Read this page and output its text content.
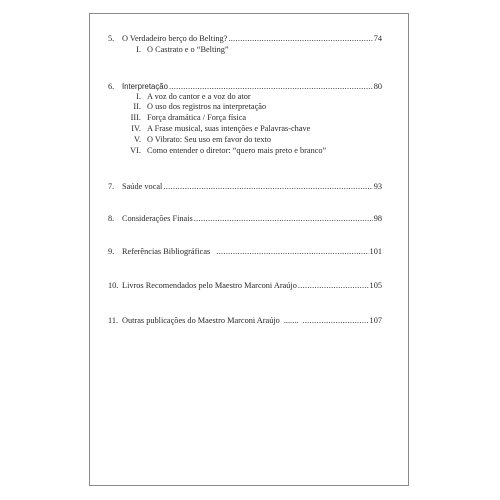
5. O Verdadeiro berço do Belting? .....	74
I. O Castrato e o “Belting”
6. Interpretação .....	80
I. A voz do cantor e a voz do ator
II. O uso dos registros na interpretação
III. Força dramática / Força física
IV. A Frase musical, suas intenções e Palavras-chave
V. O Vibrato: Seu uso em favor do texto
VI. Como entender o diretor: “quero mais preto e branco”
7. Saúde vocal .....	93
8. Considerações Finais .....	98
9. Referências Bibliográficas .....	101
10. Livros Recomendados pelo Maestro Marconi Araújo .....	105
11. Outras publicações do Maestro Marconi Araújo ....... .....	107
